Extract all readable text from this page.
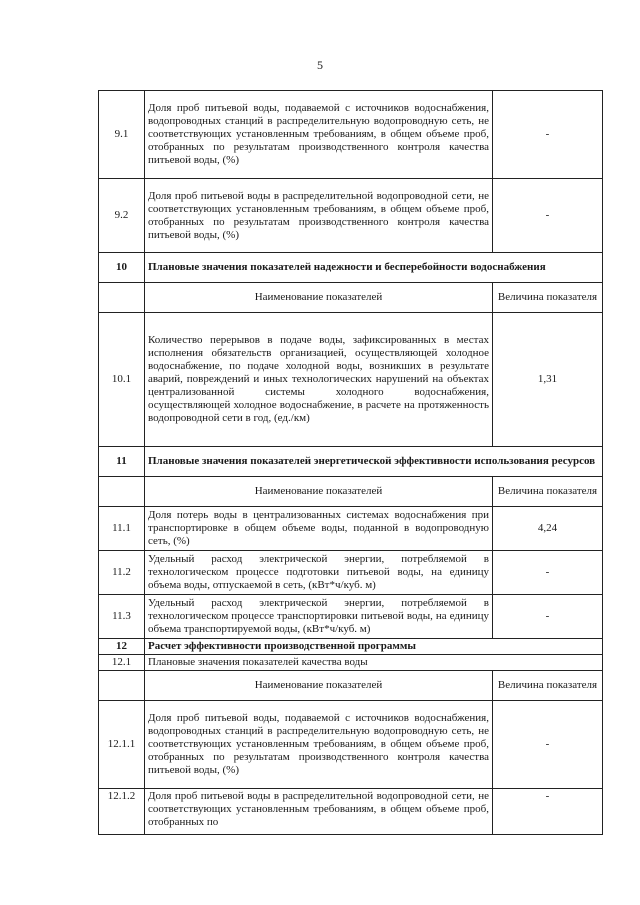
5
9.1	Доля проб питьевой воды, подаваемой с источников водоснабжения, водопроводных станций в распределительную водопроводную сеть, не соответствующих установленным требованиям, в общем объеме проб, отобранных по результатам производственного контроля качества питьевой воды, (%)	-
9.2	Доля проб питьевой воды в распределительной водопроводной сети, не соответствующих установленным требованиям, в общем объеме проб, отобранных по результатам производственного контроля качества питьевой воды, (%)	-
10	Плановые значения показателей надежности и бесперебойности водоснабжения	
	Наименование показателей	Величина показателя
10.1	Количество перерывов в подаче воды, зафиксированных в местах исполнения обязательств организацией, осуществляющей холодное водоснабжение, по подаче холодной воды, возникших в результате аварий, повреждений и иных технологических нарушений на объектах централизованной системы холодного водоснабжения, осуществляющей холодное водоснабжение, в расчете на протяженность водопроводной сети в год, (ед./км)	1,31
11	Плановые значения показателей энергетической эффективности использования ресурсов	
	Наименование показателей	Величина показателя
11.1	Доля потерь воды в централизованных системах водоснабжения при транспортировке в общем объеме воды, поданной в водопроводную сеть, (%)	4,24
11.2	Удельный расход электрической энергии, потребляемой в технологическом процессе подготовки питьевой воды, на единицу объема воды, отпускаемой в сеть, (кВт*ч/куб. м)	-
11.3	Удельный расход электрической энергии, потребляемой в технологическом процессе транспортировки питьевой воды, на единицу объема транспортируемой воды, (кВт*ч/куб. м)	-
12	Расчет эффективности производственной программы	
12.1	Плановые значения показателей качества воды	
	Наименование показателей	Величина показателя
12.1.1	Доля проб питьевой воды, подаваемой с источников водоснабжения, водопроводных станций в распределительную водопроводную сеть, не соответствующих установленным требованиям, в общем объеме проб, отобранных по результатам производственного контроля качества питьевой воды, (%)	-
12.1.2	Доля проб питьевой воды в распределительной водопроводной сети, не соответствующих установленным требованиям, в общем объеме проб, отобранных по	-
